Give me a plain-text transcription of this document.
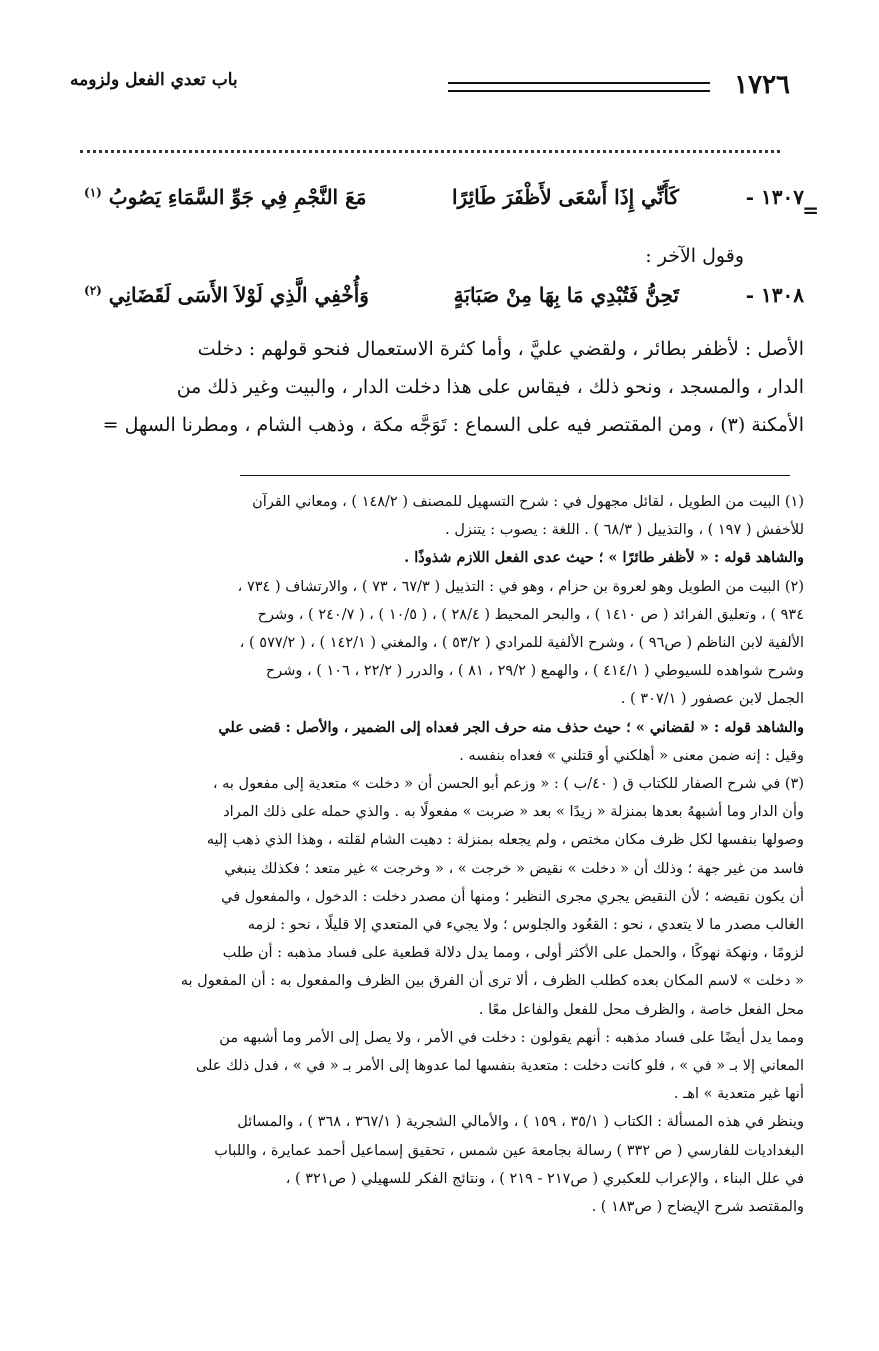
١٧٢٦
باب تعدي الفعل ولزومه
=
١٣٠٧ -
كَأَنِّي إِذَا أَسْعَى لأَظْفَرَ طَائِرًا
مَعَ النَّجْمِ فِي جَوِّ السَّمَاءِ يَصُوبُ $^{(١)}$
وقول الآخر :
١٣٠٨ -
تَحِنُّ فَتُبْدِي مَا بِهَا مِنْ صَبَابَةٍ
وَأُخْفِي الَّذِي لَوْلاَ الأَسَى لَقَضَانِي $^{(٢)}$
الأصل : لأظفر بطائر ، ولقضي عليَّ ، وأما كثرة الاستعمال فنحو قولهم : دخلت
الدار ، والمسجد ، ونحو ذلك ، فيقاس على هذا دخلت الدار ، والبيت وغير ذلك من
الأمكنة (٣) ، ومن المقتصر فيه على السماع : تَوَجَّه مكة ، وذهب الشام ، ومطرنا السهل =
(١) البيت من الطويل ، لقائل مجهول في : شرح التسهيل للمصنف ( ١٤٨/٢ ) ، ومعاني القرآن
للأخفش ( ١٩٧ ) ، والتذييل ( ٦٨/٣ ) . اللغة : يصوب : يتنزل .
والشاهد قوله : « لأظفر طائرًا » ؛ حيث عدى الفعل اللازم شذوذًا .
(٢) البيت من الطويل وهو لعروة بن حزام ، وهو في : التذييل ( ٦٧/٣ ، ٧٣ ) ، والارتشاف ( ٧٣٤ ،
٩٣٤ ) ، وتعليق الفرائد ( ص ١٤١٠ ) ، والبحر المحيط ( ٢٨/٤ ) ، ( ١٠/٥ ) ، ( ٢٤٠/٧ ) ، وشرح
الألفية لابن الناظم ( ص٩٦ ) ، وشرح الألفية للمرادي ( ٥٣/٢ ) ، والمغني ( ١٤٢/١ ) ، ( ٥٧٧/٢ ) ،
وشرح شواهده للسيوطي ( ٤١٤/١ ) ، والهمع ( ٢٩/٢ ، ٨١ ) ، والدرر ( ٢٢/٢ ، ١٠٦ ) ، وشرح
الجمل لابن عصفور ( ٣٠٧/١ ) .
والشاهد قوله : « لقضاني » ؛ حيث حذف منه حرف الجر فعداه إلى الضمير ، والأصل : قضى علي
وقيل : إنه ضمن معنى « أهلكني أو قتلني » فعداه بنفسه .
(٣) في شرح الصفار للكتاب ق ( ٤٠/ب ) : « وزعم أبو الحسن أن « دخلت » متعدية إلى مفعول به ،
وأن الدار وما أشبههُ بعدها بمنزلة « زيدًا » بعد « ضربت » مفعولًا به . والذي حمله على ذلك المراد
وصولها بنفسها لكل ظرف مكان مختص ، ولم يجعله بمنزلة : دهيت الشام لقلته ، وهذا الذي ذهب إليه
فاسد من غير جهة ؛ وذلك أن « دخلت » نقيض « خرجت » ، « وخرجت » غير متعد ؛ فكذلك ينبغي
أن يكون نقيضه ؛ لأن النقيض يجري مجرى النظير ؛ ومنها أن مصدر دخلت : الدخول ، والمفعول في
الغالب مصدر ما لا يتعدي ، نحو : القعُود والجلوس ؛ ولا يجيء في المتعدي إلا قليلًا ، نحو : لزمه
لزومًا ، ونهكة نهوكًا ، والحمل على الأكثر أولى ، ومما يدل دلالة قطعية على فساد مذهبه : أن طلب
« دخلت » لاسم المكان بعده كطلب الظرف ، ألا ترى أن الفرق بين الظرف والمفعول به : أن المفعول به
محل الفعل خاصة ، والظرف محل للفعل والفاعل معًا .
ومما يدل أيضًا على فساد مذهبه : أنهم يقولون : دخلت في الأمر ، ولا يصل إلى الأمر وما أشبهه من
المعاني إلا بـ « في » ، فلو كانت دخلت : متعدية بنفسها لما عدوها إلى الأمر بـ « في » ، فدل ذلك على
أنها غير متعدية » اهـ .
وينظر في هذه المسألة : الكتاب ( ٣٥/١ ، ١٥٩ ) ، والأمالي الشجرية ( ٣٦٧/١ ، ٣٦٨ ) ، والمسائل
البغداديات للفارسي ( ص ٣٣٢ ) رسالة بجامعة عين شمس ، تحقيق إسماعيل أحمد عمايرة ، واللباب
في علل البناء ، والإعراب للعكبري ( ص٢١٧ - ٢١٩ ) ، ونتائج الفكر للسهيلي ( ص٣٢١ ) ،
والمقتصد شرح الإيضاح ( ص١٨٣ ) .
